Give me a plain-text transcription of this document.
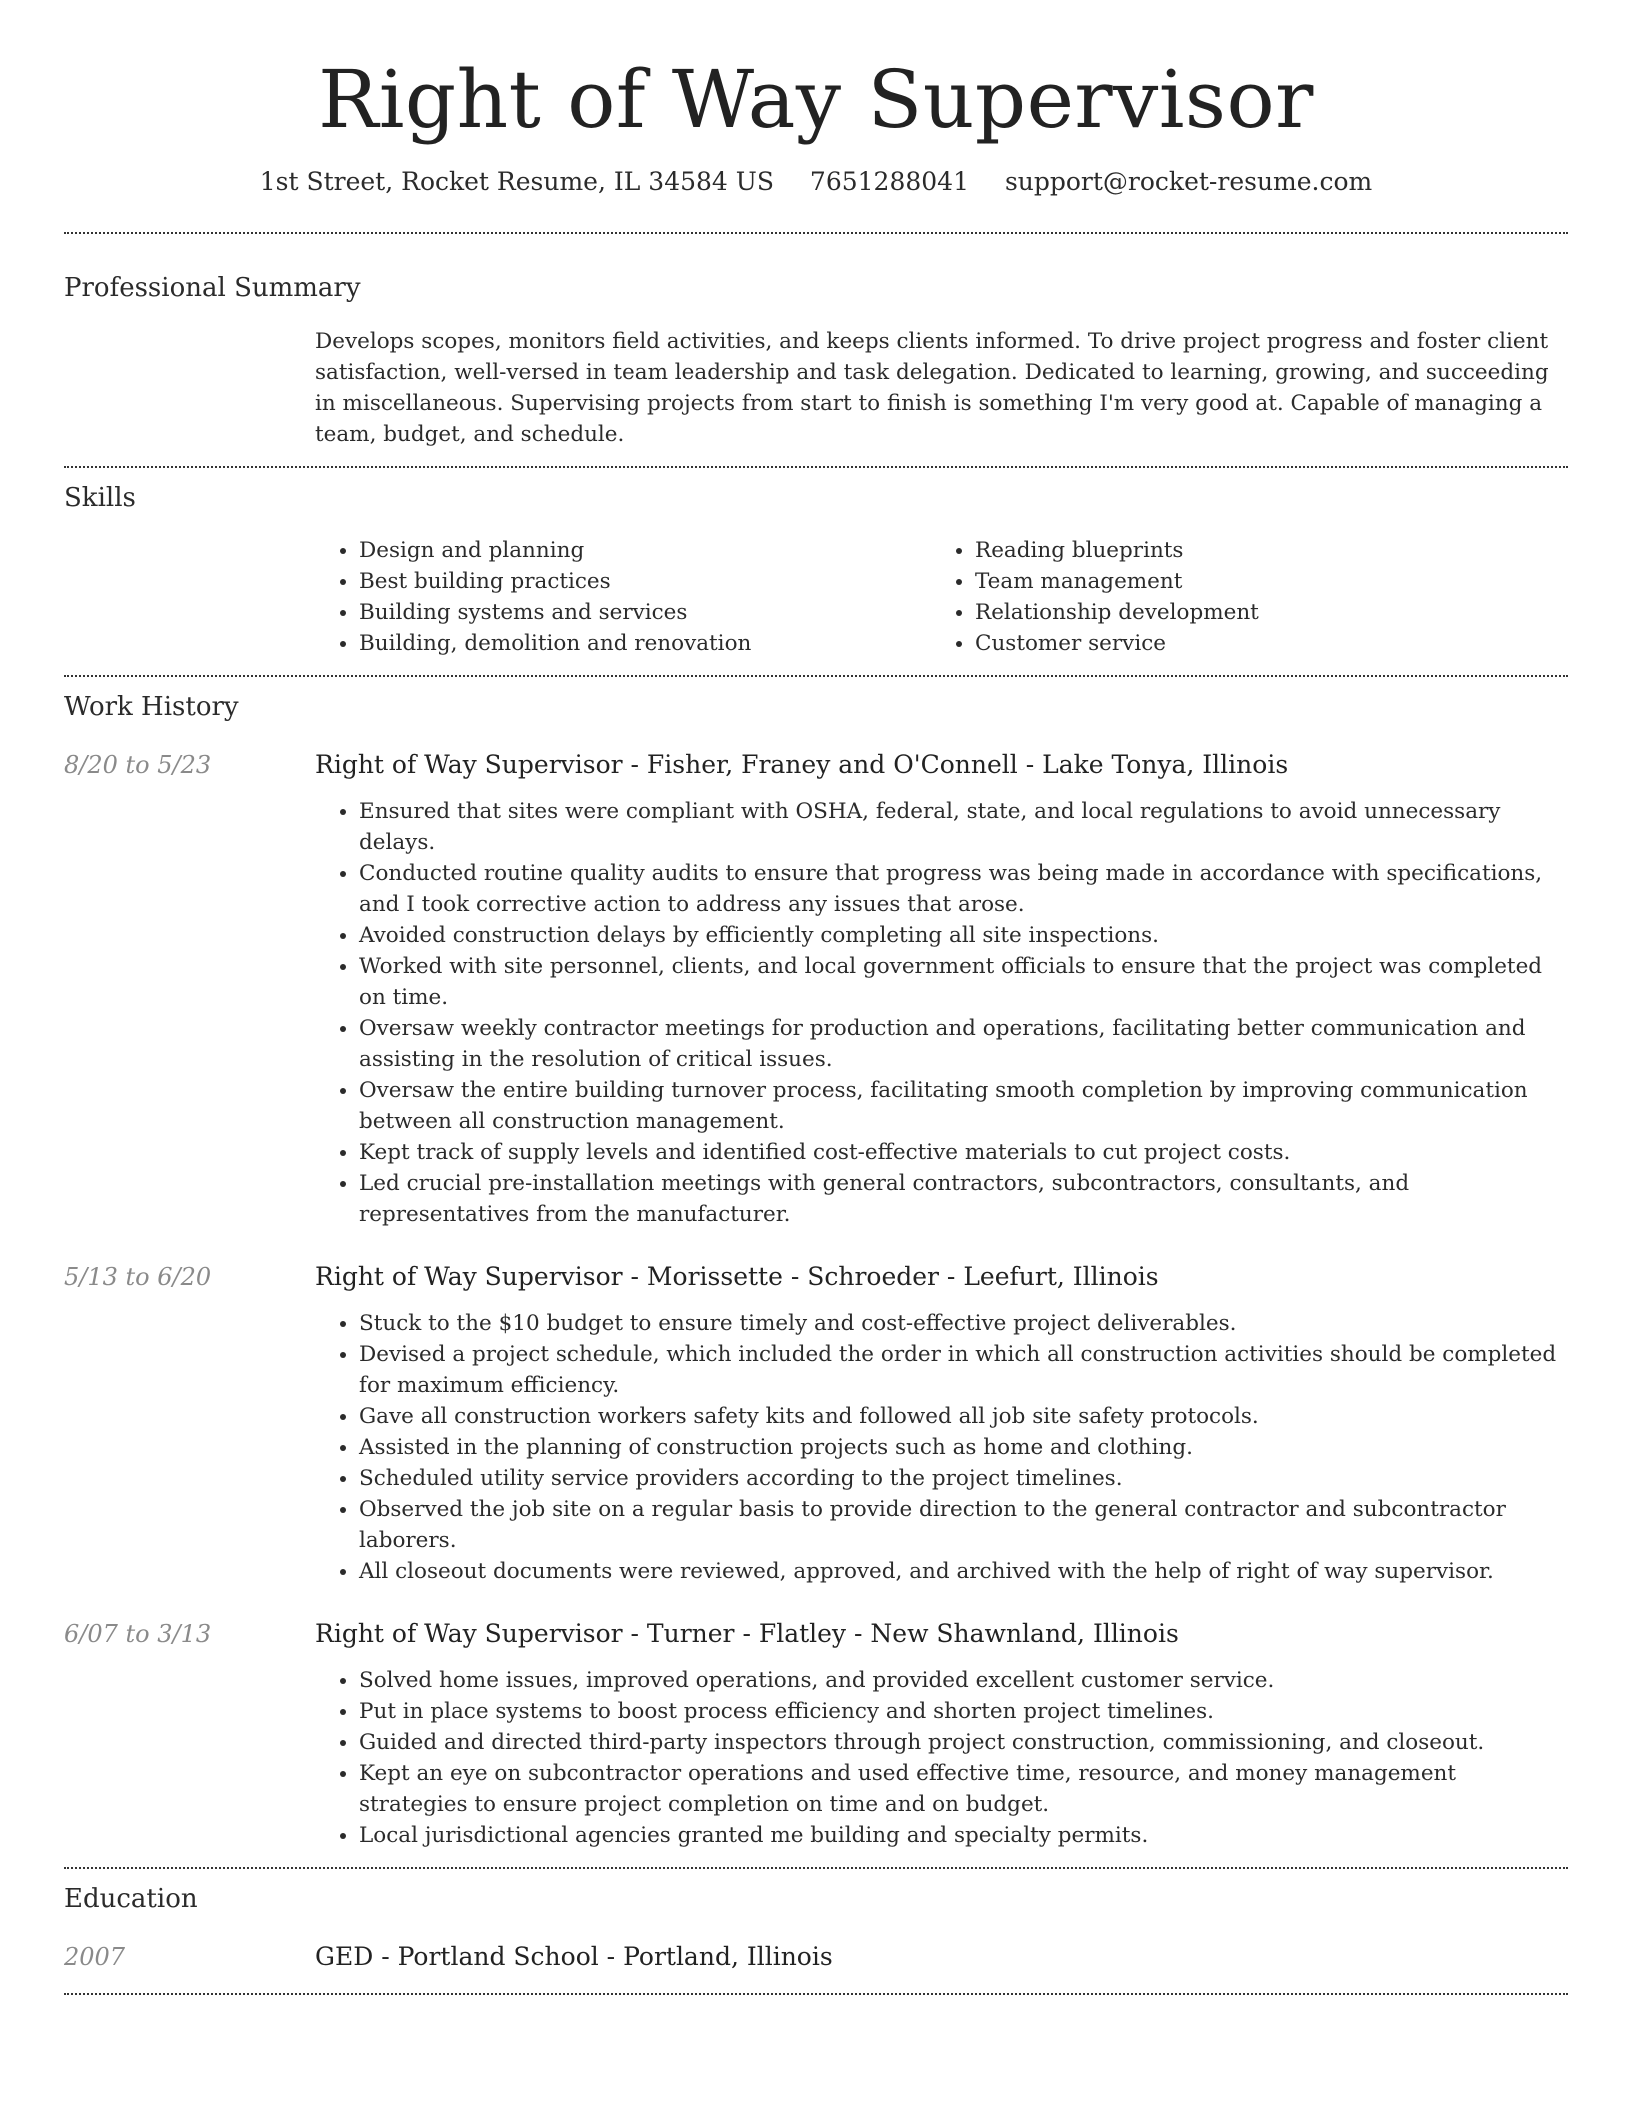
Right of Way Supervisor
1st Street, Rocket Resume, IL 34584 US 7651288041 support@rocket-resume.com
Professional Summary

Develops scopes, monitors field activities, and keeps clients informed. To drive project progress and foster client satisfaction, well-versed in team leadership and task delegation. Dedicated to learning, growing, and succeeding in miscellaneous. Supervising projects from start to finish is something I'm very good at. Capable of managing a team, budget, and schedule.

Skills
• Design and planning
• Best building practices
• Building systems and services
• Building, demolition and renovation
• Reading blueprints
• Team management
• Relationship development
• Customer service
Work History
8/20 to 5/23	Right of Way Supervisor - Fisher, Franey and O'Connell - Lake Tonya, Illinois
• Ensured that sites were compliant with OSHA, federal, state, and local regulations to avoid unnecessary delays.
• Conducted routine quality audits to ensure that progress was being made in accordance with specifications, and I took corrective action to address any issues that arose.
• Avoided construction delays by efficiently completing all site inspections.
• Worked with site personnel, clients, and local government officials to ensure that the project was completed on time.
• Oversaw weekly contractor meetings for production and operations, facilitating better communication and assisting in the resolution of critical issues.
• Oversaw the entire building turnover process, facilitating smooth completion by improving communication between all construction management.
• Kept track of supply levels and identified cost-effective materials to cut project costs.
• Led crucial pre-installation meetings with general contractors, subcontractors, consultants, and representatives from the manufacturer.
5/13 to 6/20	Right of Way Supervisor - Morissette - Schroeder - Leefurt, Illinois
• Stuck to the $10 budget to ensure timely and cost-effective project deliverables.
• Devised a project schedule, which included the order in which all construction activities should be completed for maximum efficiency.
• Gave all construction workers safety kits and followed all job site safety protocols.
• Assisted in the planning of construction projects such as home and clothing.
• Scheduled utility service providers according to the project timelines.
• Observed the job site on a regular basis to provide direction to the general contractor and subcontractor laborers.
• All closeout documents were reviewed, approved, and archived with the help of right of way supervisor.
6/07 to 3/13	Right of Way Supervisor - Turner - Flatley - New Shawnland, Illinois
• Solved home issues, improved operations, and provided excellent customer service.
• Put in place systems to boost process efficiency and shorten project timelines.
• Guided and directed third-party inspectors through project construction, commissioning, and closeout.
• Kept an eye on subcontractor operations and used effective time, resource, and money management strategies to ensure project completion on time and on budget.
• Local jurisdictional agencies granted me building and specialty permits.
Education
2007	GED - Portland School - Portland, Illinois
